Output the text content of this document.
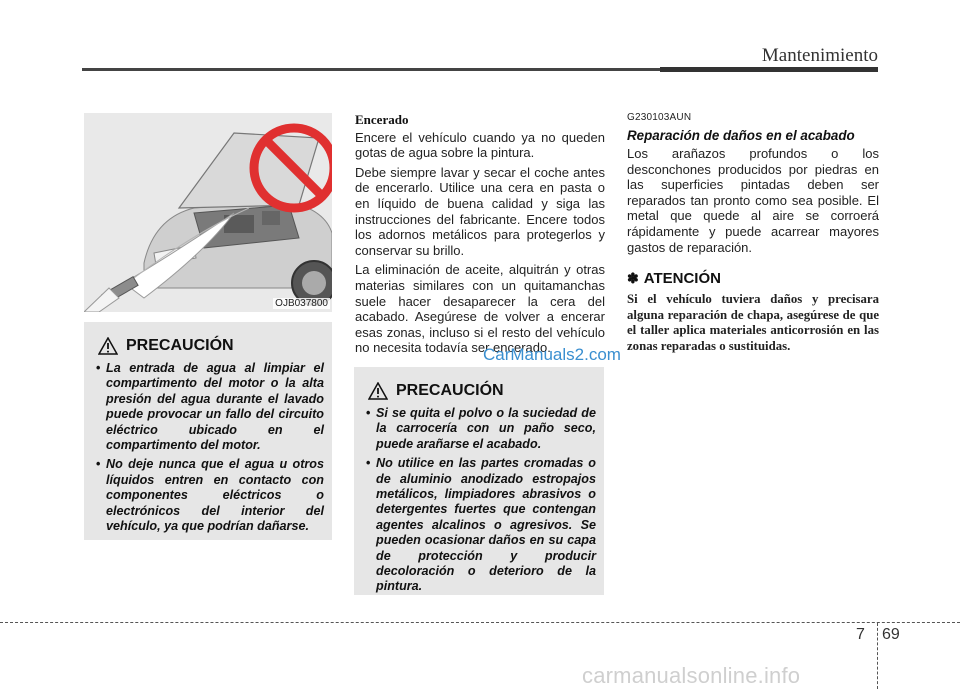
Mantenimiento
OJB037800
PRECAUCIÓN
• La entrada de agua al limpiar el compartimento del motor o la alta presión del agua durante el lavado puede provocar un fallo del circuito eléctrico ubicado en el compartimento del motor.
• No deje nunca que el agua u otros líquidos entren en contacto con componentes eléctricos o electrónicos del interior del vehículo, ya que podrían dañarse.
Encerado

Encere el vehículo cuando ya no queden gotas de agua sobre la pintura.

Debe siempre lavar y secar el coche antes de encerarlo. Utilice una cera en pasta o en líquido de buena calidad y siga las instrucciones del fabricante. Encere todos los adornos metálicos para protegerlos y conservar su brillo.

La eliminación de aceite, alquitrán y otras materias similares con un quitamanchas suele hacer desaparecer la cera del acabado. Asegúrese de volver a encerar esas zonas, incluso si el resto del vehículo no necesita todavía ser encerado.

CarManuals2.com
PRECAUCIÓN
• Si se quita el polvo o la suciedad de la carrocería con un paño seco, puede arañarse el acabado.
• No utilice en las partes cromadas o de aluminio anodizado estropajos metálicos, limpiadores abrasivos o detergentes fuertes que contengan agentes alcalinos o agresivos. Se pueden ocasionar daños en su capa de protección y producir decoloración o deterioro de la pintura.
G230103AUN
Reparación de daños en el acabado

Los arañazos profundos o los desconchones producidos por piedras en las superficies pintadas deben ser reparados tan pronto como sea posible. El metal que quede al aire se corroerá rápidamente y puede acarrear mayores gastos de reparación.

✽ ATENCIÓN
Si el vehículo tuviera daños y precisara alguna reparación de chapa, asegúrese de que el taller aplica materiales anticorrosión en las zonas reparadas o sustituidas.
7 69
carmanualsonline.info
